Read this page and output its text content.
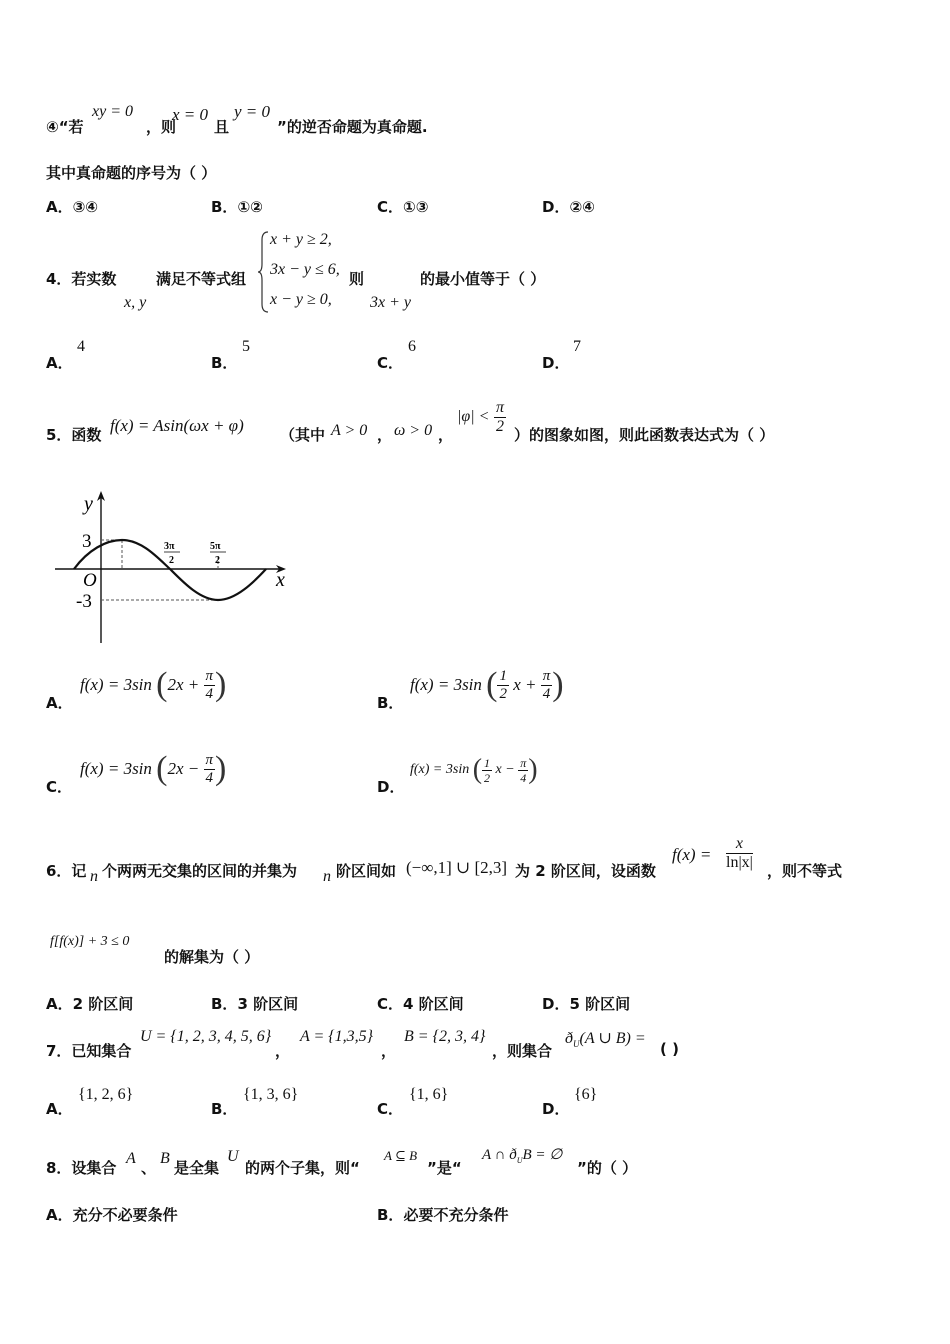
④“若
xy = 0
，则
x = 0
且
y = 0
”的逆否命题为真命题.
其中真命题的序号为（ ）
A．③④	B．①②	C．①③	D．②④
4．若实数
x, y
满足不等式组
x + y ≥ 2,
3x − y ≤ 6,
x − y ≥ 0,
则
3x + y
的最小值等于（ ）
A．
4
B．
5
C．
6
D．
7
5．函数 f(x) = Asin(ωx + φ) （其中 A > 0 ， ω > 0 ，
$|\varphi| < \frac{\pi}{2}$ ）的图象如图，则此函数表达式为（ ）
y
x
O
3
-3
3π
2
5π
2
A．
f(x) = 3sin ($2x + \frac{\pi}{4}$ )	B．
f(x) = 3sin ( $\frac{1}{2}$ $x + \frac{\pi}{4}$ )
C．
f(x) = 3sin ($2x - \frac{\pi}{4}$ )	D．
f(x) = 3sin ( $\frac{1}{2}$ $x - \frac{\pi}{4}$ )
6．记 n 个两两无交集的区间的并集为 n 阶区间如 (−∞,1] ∪ [2,3] 为 2 阶区间，设函数
$f(x) = \frac{x}{\ln|x|}$ ，则不等式
f[f(x)] + 3 ≤ 0
的解集为（ ）
A．2 阶区间	B．3 阶区间	C．4 阶区间	D．5 阶区间
7．已知集合
U = {1, 2, 3, 4, 5, 6}
，
A = {1,3,5}
，
B = {2, 3, 4}
，则集合
$ð_U(A$ ∪ B) =
( )
A．
{1, 2, 6}
B．
{1, 3, 6}
C．
{1, 6}
D．
{6}
8．设集合
A
、
B
是全集
U
的两个子集，则“
A ⊆ B
”是“
A ∩ $ð_UB$ = ∅
”的（ ）
A．充分不必要条件	B．必要不充分条件
